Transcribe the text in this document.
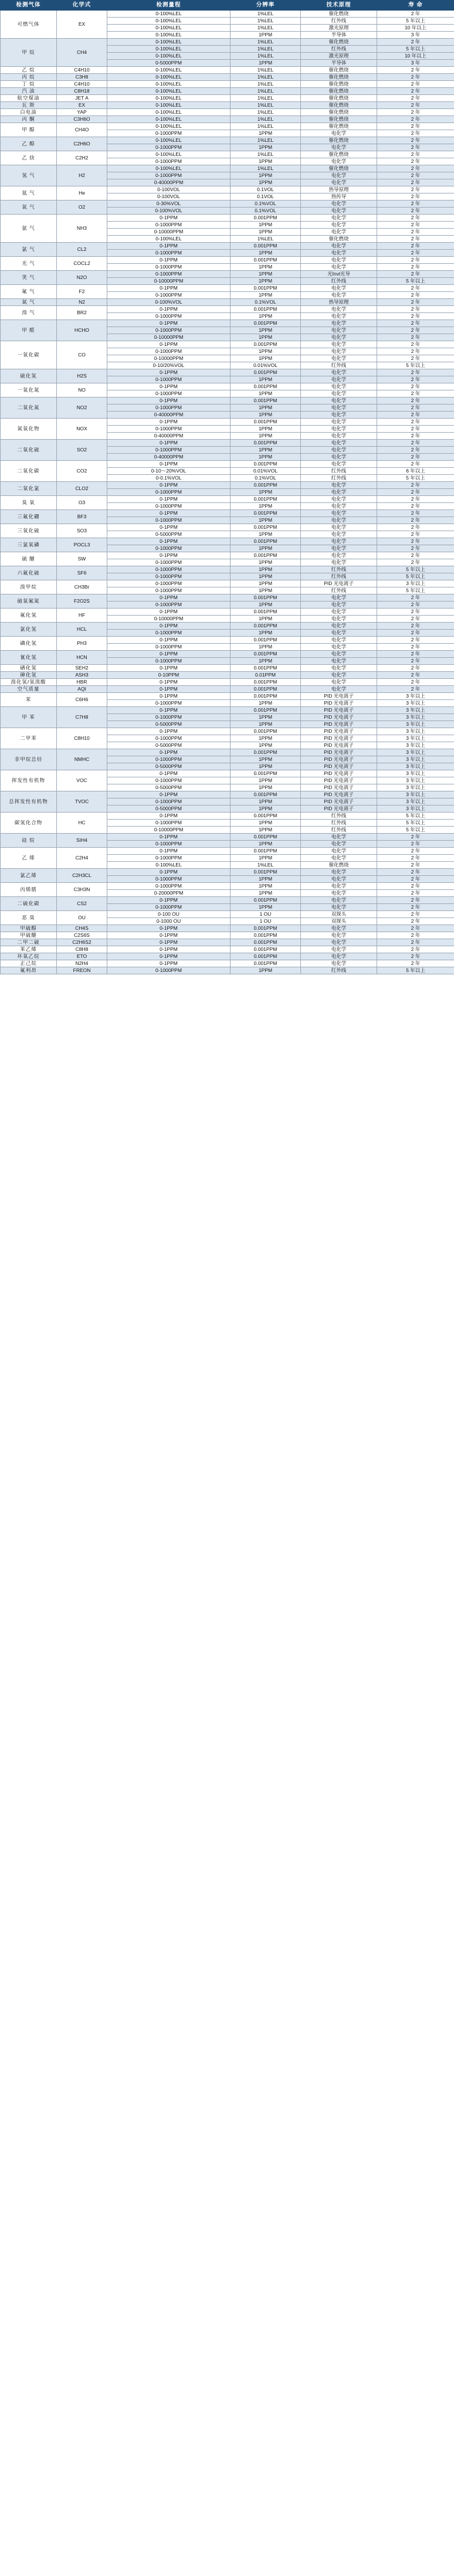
检测气体	化学式	检测量程	分辨率	技术原理	寿 命
可燃气体	EX	0-100%LEL	1%LEL	催化燃烧	2 年
		0-100%LEL	1%LEL	红外线	5 年以上
		0-100%LEL	1%LEL	激光原理	10 年以上
		0-100%LEL	1PPM	半导体	3 年
甲 烷	CH4	0-100%LEL	1%LEL	催化燃烧	2 年
		0-100%LEL	1%LEL	红外线	5 年以上
		0-100%LEL	1%LEL	激光原理	10 年以上
		0-5000PPM	1PPM	半导体	3 年
乙 烷	C4H10	0-100%LEL	1%LEL	催化燃烧	2 年
丙 烷	C3H8	0-100%LEL	1%LEL	催化燃烧	2 年
丁 烷	C4H10	0-100%LEL	1%LEL	催化燃烧	2 年
汽 油	C8H18	0-100%LEL	1%LEL	催化燃烧	2 年
航空煤油	JET A	0-100%LEL	1%LEL	催化燃烧	2 年
瓦 斯	EX	0-100%LEL	1%LEL	催化燃烧	2 年
白电油	YAP	0-100%LEL	1%LEL	催化燃烧	2 年
丙 酮	C3H6O	0-100%LEL	1%LEL	催化燃烧	2 年
甲 醇	CH4O	0-100%LEL	1%LEL	催化燃烧	2 年
		0-1000PPM	1PPM	电化学	2 年
乙 醇	C2H6O	0-100%LEL	1%LEL	催化燃烧	2 年
		0-1000PPM	1PPM	电化学	2 年
乙 炔	C2H2	0-100%LEL	1%LEL	催化燃烧	2 年
		0-1000PPM	1PPM	电化学	2 年
氢 气	H2	0-100%LEL	1%LEL	催化燃烧	2 年
		0-1000PPM	1PPM	电化学	2 年
		0-40000PPM	1PPM	电化学	2 年
氦 气	He	0-100VOL	0.1VOL	热导原理	2 年
		0-100VOL	0.1VOL	热传导	2 年
氧 气	O2	0-30%VOL	0.1%VOL	电化学	2 年
		0-100%VOL	0.1%VOL	电化学	2 年
氨 气	NH3	0-1PPM	0.001PPM	电化学	2 年
		0-1000PPM	1PPM	电化学	2 年
		0-10000PPM	1PPM	电化学	2 年
		0-100%LEL	1%LEL	催化燃烧	2 年
氯 气	CL2	0-1PPM	0.001PPM	电化学	2 年
		0-1000PPM	1PPM	电化学	2 年
光 气	COCL2	0-1PPM	0.001PPM	电化学	2 年
		0-1000PPM	1PPM	电化学	2 年
笑 气	N2O	0-1000PPM	1PPM	光învl光导	2 年
		0-10000PPM	1PPM	红外线	5 年以上
氟 气	F2	0-1PPM	0.001PPM	电化学	2 年
		0-1000PPM	1PPM	电化学	2 年
氮 气	N2	0-100%VOL	0.1%VOL	热导原理	2 年
溴 气	BR2	0-1PPM	0.001PPM	电化学	2 年
		0-1000PPM	1PPM	电化学	2 年
甲 醛	HCHO	0-1PPM	0.001PPM	电化学	2 年
		0-1000PPM	1PPM	电化学	2 年
		0-10000PPM	1PPM	电化学	2 年
一氧化碳	CO	0-1PPM	0.001PPM	电化学	2 年
		0-1000PPM	1PPM	电化学	2 年
		0-10000PPM	1PPM	电化学	2 年
		0-10/20%VOL	0.01%VOL	红外线	5 年以上
硫化氢	H2S	0-1PPM	0.001PPM	电化学	2 年
		0-1000PPM	1PPM	电化学	2 年
一氧化氮	NO	0-1PPM	0.001PPM	电化学	2 年
		0-1000PPM	1PPM	电化学	2 年
二氧化氮	NO2	0-1PPM	0.001PPM	电化学	2 年
		0-1000PPM	1PPM	电化学	2 年
		0-40000PPM	1PPM	电化学	2 年
氮氧化物	NOX	0-1PPM	0.001PPM	电化学	2 年
		0-1000PPM	1PPM	电化学	2 年
		0-40000PPM	1PPM	电化学	2 年
二氧化硫	SO2	0-1PPM	0.001PPM	电化学	2 年
		0-1000PPM	1PPM	电化学	2 年
		0-40000PPM	1PPM	电化学	2 年
二氧化碳	CO2	0-1PPM	0.001PPM	电化学	2 年
		0-10～20%VOL	0.01%VOL	红外线	6 年以上
		0-0.1%VOL	0.1%VOL	红外线	5 年以上
二氧化氯	CLO2	0-1PPM	0.001PPM	电化学	2 年
		0-1000PPM	1PPM	电化学	2 年
臭 氧	O3	0-1PPM	0.001PPM	电化学	2 年
		0-1000PPM	1PPM	电化学	2 年
三氟化硼	BF3	0-1PPM	0.001PPM	电化学	2 年
		0-1000PPM	1PPM	电化学	2 年
三氧化硫	SO3	0-1PPM	0.001PPM	电化学	2 年
		0-5000PPM	1PPM	电化学	2 年
三氯氧磷	POCL3	0-1PPM	0.001PPM	电化学	2 年
		0-1000PPM	1PPM	电化学	2 年
硫 醚	SW	0-1PPM	0.001PPM	电化学	2 年
		0-1000PPM	1PPM	电化学	2 年
六氟化硫	SF6	0-1000PPM	1PPM	红外线	5 年以上
		0-1000PPM	1PPM	红外线	5 年以上
溴甲烷	CH3Br	0-1000PPM	1PPM	PID 光电离子	3 年以上
		0-1000PPM	1PPM	红外线	5 年以上
硫氧氟氮	F2O2S	0-1PPM	0.001PPM	电化学	2 年
		0-1000PPM	1PPM	电化学	2 年
氟化氢	HF	0-1PPM	0.001PPM	电化学	2 年
		0-10000PPM	1PPM	电化学	2 年
氯化氢	HCL	0-1PPM	0.001PPM	电化学	2 年
		0-1000PPM	1PPM	电化学	2 年
磷化氢	PH3	0-1PPM	0.001PPM	电化学	2 年
		0-1000PPM	1PPM	电化学	2 年
氰化氢	HCN	0-1PPM	0.001PPM	电化学	2 年
		0-1000PPM	1PPM	电化学	2 年
硒化氢	SEH2	0-1PPM	0.001PPM	电化学	2 年
砷化氢	ASH3	0-10PPM	0.01PPM	电化学	2 年
溴化氢/氢溴酸	HBR	0-1PPM	0.001PPM	电化学	2 年
空气质量	AQI	0-1PPM	0.001PPM	电化学	2 年
苯	C6H6	0-1PPM	0.001PPM	PID 光电离子	3 年以上
		0-1000PPM	1PPM	PID 光电离子	3 年以上
甲 苯	C7H8	0-1PPM	0.001PPM	PID 光电离子	3 年以上
		0-1000PPM	1PPM	PID 光电离子	3 年以上
		0-5000PPM	1PPM	PID 光电离子	3 年以上
二甲苯	C8H10	0-1PPM	0.001PPM	PID 光电离子	3 年以上
		0-1000PPM	1PPM	PID 光电离子	3 年以上
		0-5000PPM	1PPM	PID 光电离子	3 年以上
非甲烷总烃	NMHC	0-1PPM	0.001PPM	PID 光电离子	3 年以上
		0-1000PPM	1PPM	PID 光电离子	3 年以上
		0-5000PPM	1PPM	PID 光电离子	3 年以上
挥发性有机物	VOC	0-1PPM	0.001PPM	PID 光电离子	3 年以上
		0-1000PPM	1PPM	PID 光电离子	3 年以上
		0-5000PPM	1PPM	PID 光电离子	3 年以上
总挥发性有机物	TVOC	0-1PPM	0.001PPM	PID 光电离子	3 年以上
		0-1000PPM	1PPM	PID 光电离子	3 年以上
		0-5000PPM	1PPM	PID 光电离子	3 年以上
碳氢化合物	HC	0-1PPM	0.001PPM	红外线	5 年以上
		0-1000PPM	1PPM	红外线	5 年以上
		0-10000PPM	1PPM	红外线	5 年以上
硅 烷	SIH4	0-1PPM	0.001PPM	电化学	2 年
		0-1000PPM	1PPM	电化学	2 年
乙 烯	C2H4	0-1PPM	0.001PPM	电化学	2 年
		0-1000PPM	1PPM	电化学	2 年
		0-100%LEL	1%LEL	催化燃烧	2 年
氯乙烯	C2H3CL	0-1PPM	0.001PPM	电化学	2 年
		0-1000PPM	1PPM	电化学	2 年
丙烯腈	C3H3N	0-1000PPM	1PPM	电化学	2 年
		0-20000PPM	1PPM	电化学	2 年
二硫化碳	CS2	0-1PPM	0.001PPM	电化学	2 年
		0-1000PPM	1PPM	电化学	2 年
恶 臭	OU	0-100 OU	1 OU	双探头	2 年
		0-1000 OU	1 OU	双探头	2 年
甲硫醇	CH4S	0-1PPM	0.001PPM	电化学	2 年
甲硫醚	C2S6S	0-1PPM	0.001PPM	电化学	2 年
二甲二硫	C2H6S2	0-1PPM	0.001PPM	电化学	2 年
苯乙烯	C8H8	0-1PPM	0.001PPM	电化学	2 年
环氧乙烷	ETO	0-1PPM	0.001PPM	电化学	2 年
正己烷	N2H4	0-1PPM	0.001PPM	电化学	2 年
氟利昂	FREON	0-1000PPM	1PPM	红外线	5 年以上
